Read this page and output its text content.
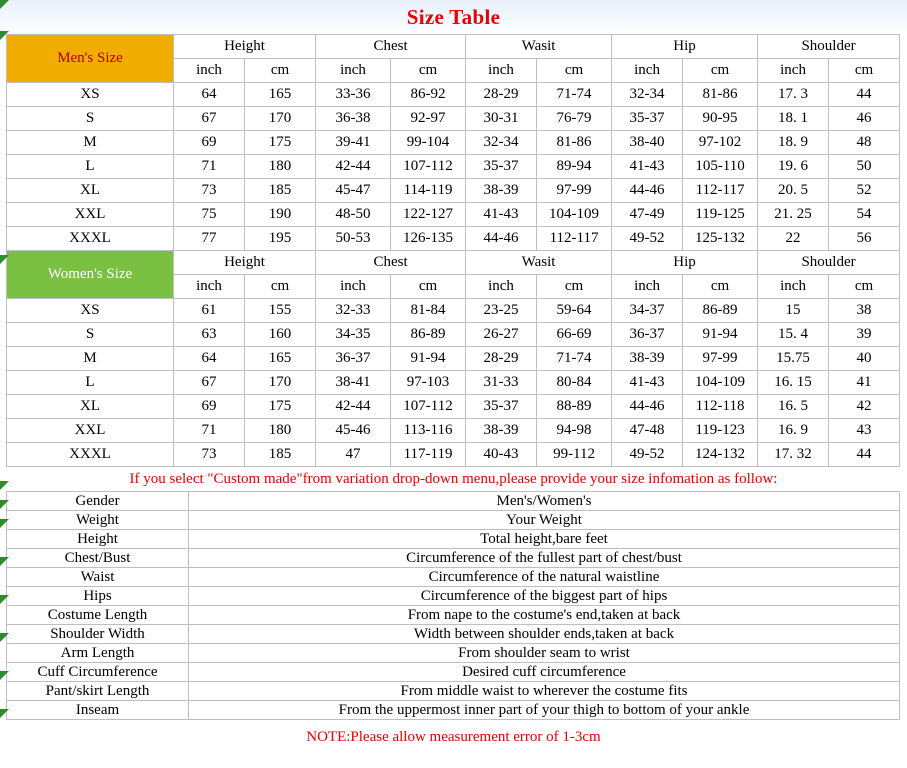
Size Table
Men's Size	Height		Chest		Wasit		Hip		Shoulder	
	inch	cm	inch	cm	inch	cm	inch	cm	inch	cm
XS	64	165	33-36	86-92	28-29	71-74	32-34	81-86	17. 3	44
S	67	170	36-38	92-97	30-31	76-79	35-37	90-95	18. 1	46
M	69	175	39-41	99-104	32-34	81-86	38-40	97-102	18. 9	48
L	71	180	42-44	107-112	35-37	89-94	41-43	105-110	19. 6	50
XL	73	185	45-47	114-119	38-39	97-99	44-46	112-117	20. 5	52
XXL	75	190	48-50	122-127	41-43	104-109	47-49	119-125	21. 25	54
XXXL	77	195	50-53	126-135	44-46	112-117	49-52	125-132	22	56
Women's Size	Height		Chest		Wasit		Hip		Shoulder	
	inch	cm	inch	cm	inch	cm	inch	cm	inch	cm
XS	61	155	32-33	81-84	23-25	59-64	34-37	86-89	15	38
S	63	160	34-35	86-89	26-27	66-69	36-37	91-94	15. 4	39
M	64	165	36-37	91-94	28-29	71-74	38-39	97-99	15.75	40
L	67	170	38-41	97-103	31-33	80-84	41-43	104-109	16. 15	41
XL	69	175	42-44	107-112	35-37	88-89	44-46	112-118	16. 5	42
XXL	71	180	45-46	113-116	38-39	94-98	47-48	119-123	16. 9	43
XXXL	73	185	47	117-119	40-43	99-112	49-52	124-132	17. 32	44
If you select "Custom made"from variation drop-down menu,please provide your size infomation as follow:
Gender	Men's/Women's
Weight	Your Weight
Height	Total height,bare feet
Chest/Bust	Circumference of the fullest part of chest/bust
Waist	Circumference of the natural waistline
Hips	Circumference of the biggest part of hips
Costume Length	From nape to the costume's end,taken at back
Shoulder Width	Width between shoulder ends,taken at back
Arm Length	From shoulder seam to wrist
Cuff Circumference	Desired cuff circumference
Pant/skirt Length	From middle waist to wherever the costume fits
Inseam	From the uppermost inner part of your thigh to bottom of your ankle
NOTE:Please allow measurement error of 1-3cm
